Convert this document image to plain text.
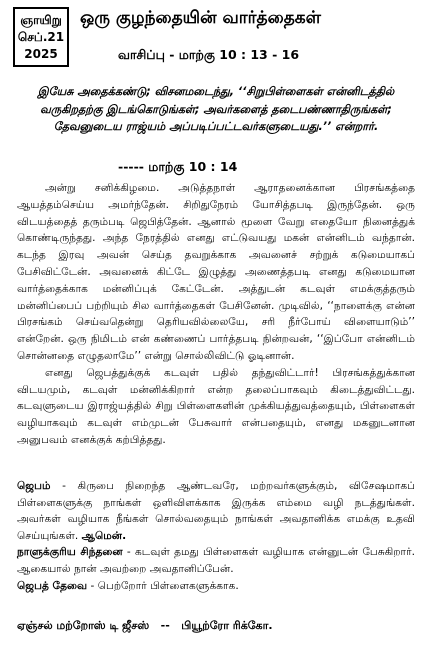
ஞாயிறு
செப்.21
2025
ஒரு குழந்தையின் வார்த்தைகள்
வாசிப்பு - மாற்கு 10 : 13 - 16

இயேசு அதைக்கண்டு; விசனமடைந்து, ‘‘சிறுபிள்ளைகள் என்னிடத்தில் வருகிறதற்கு இடங்கொடுங்கள்; அவர்களைத் தடைபண்ணாதிருங்கள்; தேவனுடைய ராஜ்யம் அப்படிப்பட்டவர்களுடையது.’’ என்றார்.

----- மாற்கு 10 : 14

அன்று சனிக்கிழமை. அடுத்தநாள் ஆராதனைக்கான பிரசங்கத்தை ஆயத்தம்செய்ய அமர்ந்தேன். சிறிதுநேரம் யோசித்தபடி இருந்தேன். ஒரு விடயத்தைத் தரும்படி ஜெபித்தேன். ஆனால் மூளை வேறு எதையோ நினைத்துக் கொண்டிருந்தது. அந்த நேரத்தில் எனது எட்டுவயது மகன் என்னிடம் வந்தான். கடந்த இரவு அவன் செய்த தவறுக்காக அவனைச் சற்றுக் கடுமையாகப் பேசிவிட்டேன். அவனைக் கிட்டே இழுத்து அணைத்தபடி எனது கடுமையான வார்த்தைக்காக மன்னிப்புக் கேட்டேன். அத்துடன் கடவுள் எமக்குத்தரும் மன்னிப்பைப் பற்றியும் சில வார்த்தைகள் பேசினேன். முடிவில், ‘‘நாளைக்கு என்ன பிரசங்கம் செய்வதென்று தெரியவில்லையே, சரி நீர்போய் விளையாடும்’’ என்றேன். ஒரு நிமிடம் என் கண்ணைப் பார்த்தபடி நின்றவன், ‘‘இப்போ என்னிடம் சொன்னதை எழுதலாமே’’ என்று சொல்லிவிட்டு ஓடினான்.

எனது ஜெபத்துக்குக் கடவுள் பதில் தந்துவிட்டார்! பிரசங்கத்துக்கான விடயமும், கடவுள் மன்னிக்கிறார் என்ற தலைப்பாகவும் கிடைத்துவிட்டது. கடவுளுடைய இராஜ்யத்தில் சிறு பிள்ளைகளின் முக்கியத்துவத்தையும், பிள்ளைகள் வழியாகவும் கடவுள் எம்முடன் பேசுவார் என்பதையும், எனது மகனுடனான அனுபவம் எனக்குக் கற்பித்தது.

ஜெபம் - கிருபை நிறைந்த ஆண்டவரே, மற்றவர்களுக்கும், விசேஷமாகப் பிள்ளைகளுக்கு நாங்கள் ஒளிவிளக்காக இருக்க எம்மை வழி நடத்துங்கள். அவர்கள் வழியாக நீங்கள் சொல்வதையும் நாங்கள் அவதானிக்க எமக்கு உதவி செய்யுங்கள். ஆமென்.

நாளுக்குரிய சிந்தனை - கடவுள் தமது பிள்ளைகள் வழியாக என்னுடன் பேசுகிறார். ஆகையால் நான் அவற்றை அவதானிப்பேன்.

ஜெபத் தேவை - பெற்றோர் பிள்ளைகளுக்காக.

ஏஞ்சல் மற்றோஸ் டி ஜீசஸ் -- பியூற்ரோ ரிக்கோ.
